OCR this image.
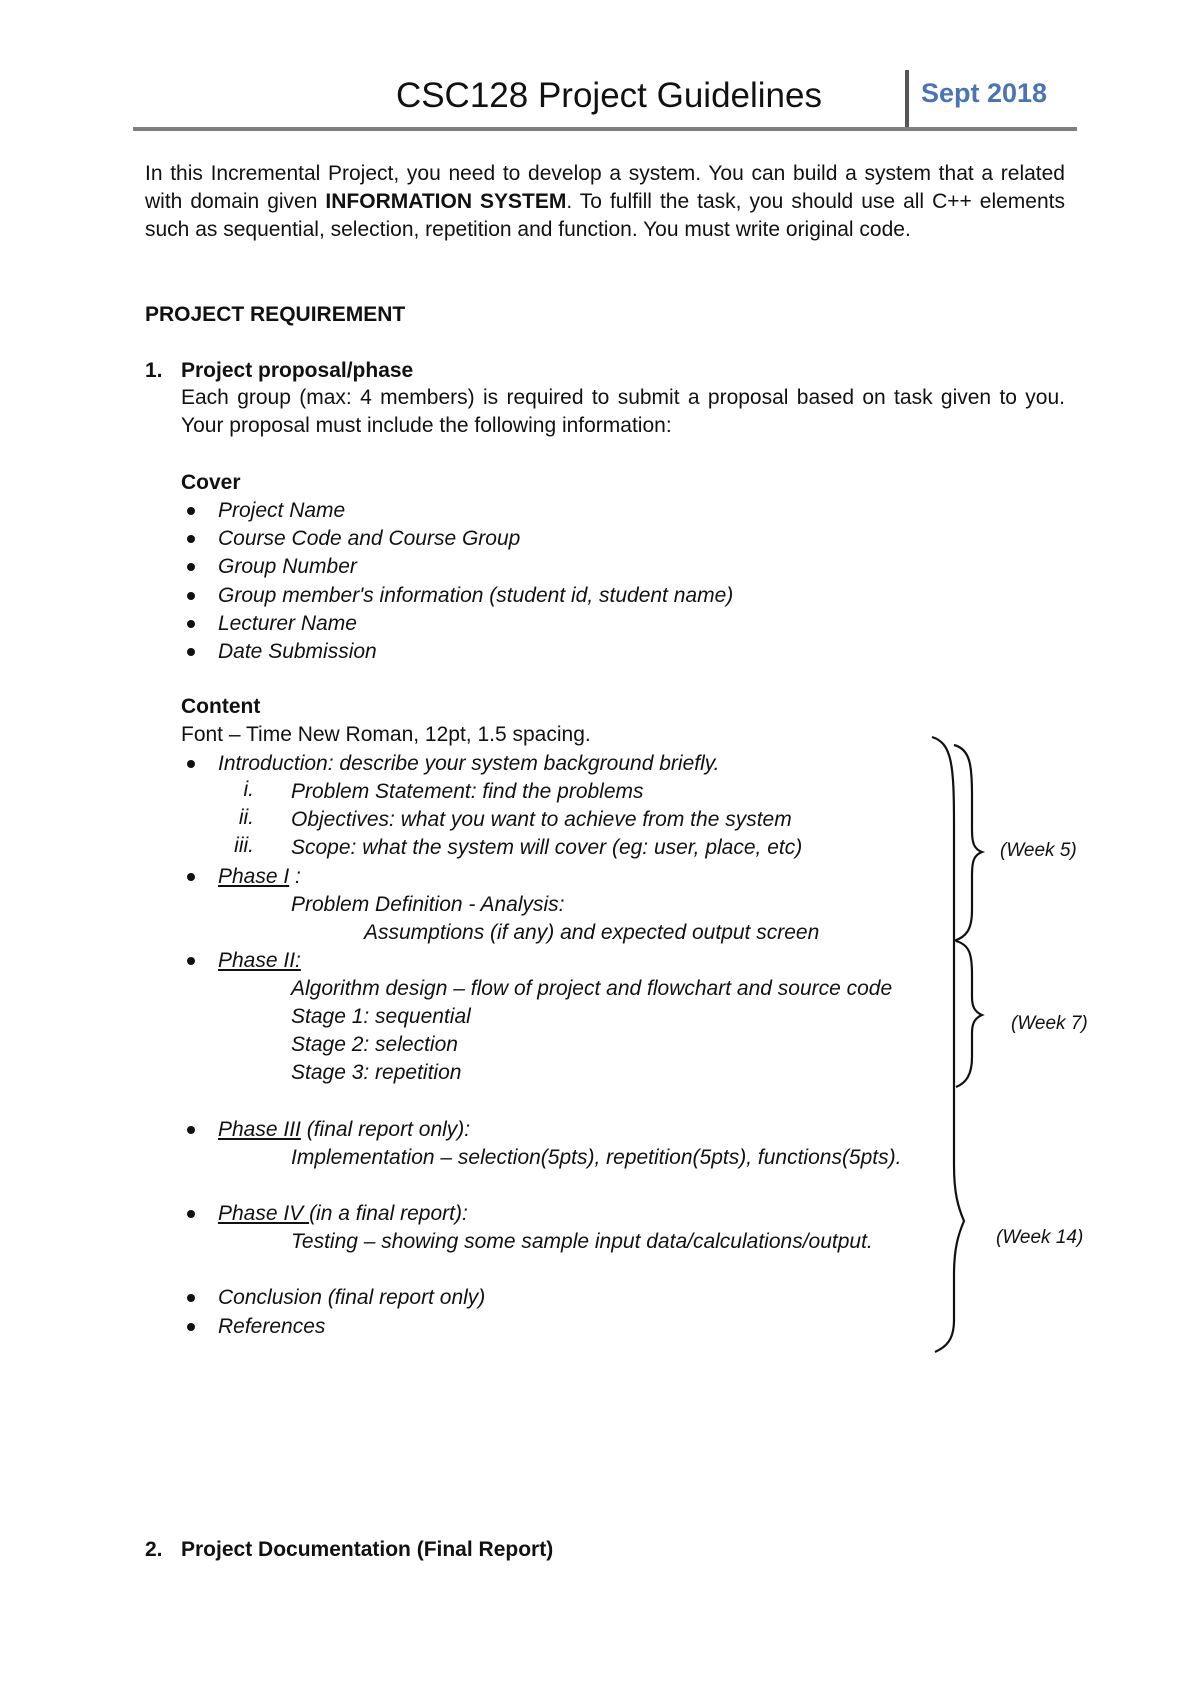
CSC128 Project Guidelines	Sept 2018
In this Incremental Project, you need to develop a system. You can build a system that a related with domain given INFORMATION SYSTEM. To fulfill the task, you should use all C++ elements such as sequential, selection, repetition and function. You must write original code.
PROJECT REQUIREMENT
1. Project proposal/phase
Each group (max: 4 members) is required to submit a proposal based on task given to you. Your proposal must include the following information:
Cover
Project Name
Course Code and Course Group
Group Number
Group member's information (student id, student name)
Lecturer Name
Date Submission
Content
Font – Time New Roman, 12pt, 1.5 spacing.
Introduction: describe your system background briefly.
i. Problem Statement: find the problems
ii. Objectives: what you want to achieve from the system
iii. Scope: what the system will cover (eg: user, place, etc)
Phase I :
Problem Definition - Analysis:
Assumptions (if any) and expected output screen
Phase II:
Algorithm design – flow of project and flowchart and source code
Stage 1: sequential
Stage 2: selection
Stage 3: repetition
Phase III (final report only):
Implementation – selection(5pts), repetition(5pts), functions(5pts).
Phase IV (in a final report):
Testing – showing some sample input data/calculations/output.
Conclusion (final report only)
References
(Week 5)
(Week 7)
(Week 14)
2. Project Documentation (Final Report)
